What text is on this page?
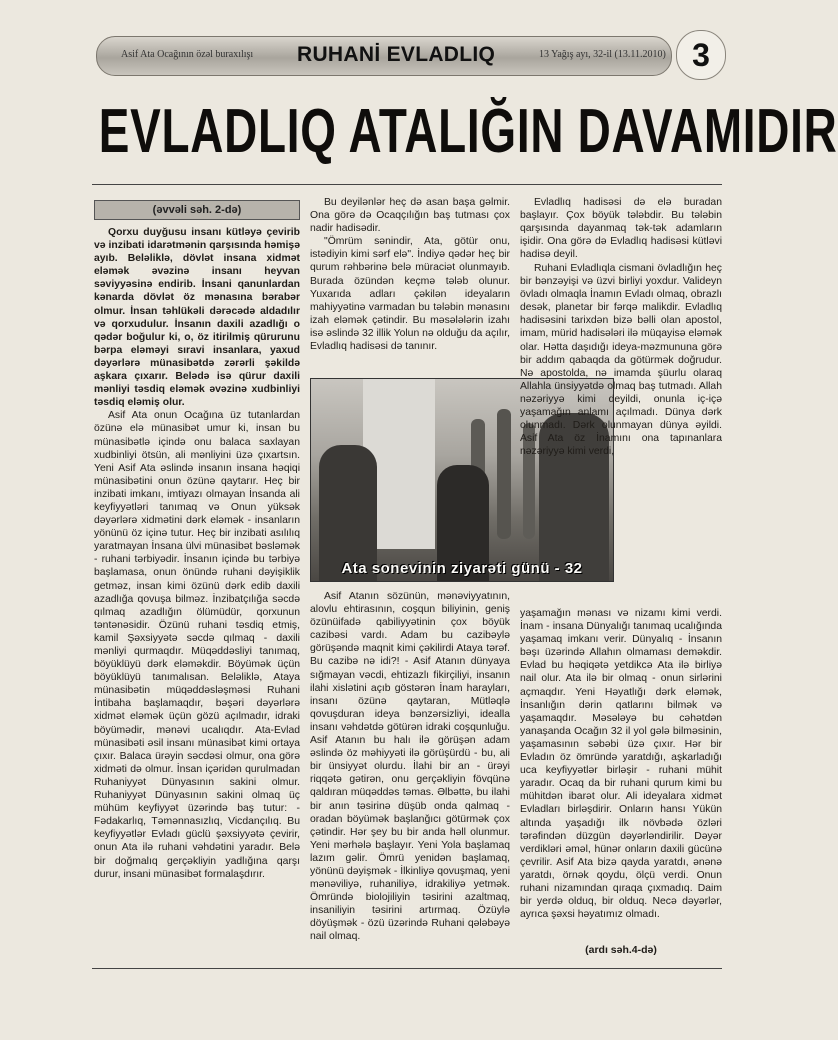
Asif Ata Ocağının özəl buraxılışı RUHANİ EVLADLIQ	13 Yağış ayı, 32-il (13.11.2010) 3
EVLADLIQ ATALIĞIN DAVAMIDIR
(əvvəli səh. 2-də)

Qorxu duyğusu insanı kütləyə çevirib və inzibati idarətmənin qarşısında həmişə ayıb. Beləliklə, dövlət insana xidmət eləmək əvəzinə insanı heyvan səviyyəsinə endirib. İnsani qanunlardan kənarda dövlət öz mənasına bərabər olmur. İnsan təhlükəli dərəcədə aldadılır və qorxudulur. İnsanın daxili azadlığı o qədər boğulur ki, o, öz itirilmiş qürurunu bərpa eləməyi sıravi insanlara, yaxud dəyərlərə münasibətdə zərərli şəkildə aşkara çıxarır. Belədə isə qürur daxili mənliyi təsdiq eləmək əvəzinə xudbinliyi təsdiq eləmiş olur.

Asif Ata onun Ocağına üz tutanlardan özünə elə münasibət umur ki, insan bu münasibətlə içində onu balaca saxlayan xudbinliyi ötsün, ali mənliyini üzə çıxartsın. Yeni Asif Ata əslində insanın insana həqiqi münasibətini onun özünə qaytarır. Heç bir inzibati imkanı, imtiyazı olmayan İnsanda ali keyfiyyətləri tanımaq və Onun yüksək dəyərlərə xidmətini dərk eləmək - insanların yönünü öz içinə tutur. Heç bir inzibati asılılıq yaratmayan İnsana ülvi münasibət bəsləmək - ruhani tərbiyədir. İnsanın içində bu tərbiyə başlamasa, onun önündə ruhani dəyişiklik getməz, insan kimi özünü dərk edib daxili azadlığa qovuşa bilməz. İnzibatçılığa səcdə qılmaq azadlığın ölümüdür, qorxunun təntənəsidir. Özünü ruhani təsdiq etmiş, kamil Şəxsiyyətə səcdə qılmaq - daxili mənliyi qurmaqdır. Müqəddəsliyi tanımaq, böyüklüyü dərk eləməkdir. Böyümək üçün böyüklüyü tanımalısan. Beləliklə, Ataya münasibətin müqəddəsləşməsi Ruhani İntibaha başlamaqdır, bəşəri dəyərlərə xidmət eləmək üçün gözü açılmadır, idraki böyümədir, mənəvi ucalıqdır. Ata-Evlad münasibəti əsil insanı münasibət kimi ortaya çıxır. Balaca ürəyin səcdəsi olmur, ona görə xidməti də olmur. İnsan içəridən qurulmadan Ruhaniyyət Dünyasının sakini olmur. Ruhaniyyət Dünyasının sakini olmaq üç mühüm keyfiyyət üzərində baş tutur: - Fədakarlıq, Təmənnasızlıq, Vicdançılıq. Bu keyfiyyətlər Evladı güclü şəxsiyyətə çevirir, onun Ata ilə ruhani vəhdətini yaradır. Belə bir doğmalıq gerçəkliyin yadlığına qarşı durur, insani münasibət formalaşdırır.

Bu deyilənlər heç də asan başa gəlmir. Ona görə də Ocaqçılığın baş tutması çox nadir hadisədir.

"Ömrüm sənindir, Ata, götür onu, istədiyin kimi sərf elə". İndiyə qədər heç bir qurum rəhbərinə belə müraciət olunmayıb. Burada özündən keçmə tələb olunur. Yuxarıda adları çəkilən ideyaların mahiyyətinə varmadan bu tələbin mənasını izah eləmək çətindir. Bu məsələlərin izahı isə əslində 32 illik Yolun nə olduğu da açılır, Evladlıq hadisəsi də tanınır.

Ata sonevinin ziyarəti günü - 32

Asif Atanın sözünün, mənəviyyatının, alovlu ehtirasının, coşqun biliyinin, geniş özünüifadə qabiliyyətinin çox böyük cazibəsi vardı. Adam bu cazibəylə görüşəndə maqnit kimi çəkilirdi Ataya tərəf. Bu cazibə nə idi?! - Asif Atanın dünyaya sığmayan vəcdi, ehtizazlı fikirçiliyi, insanın ilahi xislətini açıb göstərən İnam harayları, insanı özünə qaytaran, Mütləqlə qovuşduran ideya bənzərsizliyi, ideallа insanı vəhdətdə götürən idraki coşqunluğu. Asif Atanın bu halı ilə görüşən adam əslində öz məhiyyəti ilə görüşürdü - bu, ali bir ünsiyyət olurdu. İlahi bir an - ürəyi riqqətə gətirən, onu gerçəkliyin fövqünə qaldıran müqəddəs təmas. Əlbəttə, bu ilahi bir anın təsirinə düşüb onda qalmaq - oradan böyümək başlanğıcı götürmək çox çətindir. Hər şey bu bir anda həll olunmur. Yeni mərhələ başlayır. Yeni Yola başlamaq lazım gəlir. Ömrü yenidən başlamaq, yönünü dəyişmək - İlkinliyə qovuşmaq, yeni mənəviliyə, ruhaniliyə, idrakiliyə yetmək. Ömründə biolojiliyin təsirini azaltmaq, insaniliyin təsirini artırmaq. Özüylə döyüşmək - özü üzərində Ruhani qələbəyə nail olmaq.

Evladlıq hadisəsi də elə buradan başlayır. Çox böyük tələbdir. Bu tələbin qarşısında dayanmaq tək-tək adamların işidir. Ona görə də Evladlıq hadisəsi kütləvi hadisə deyil.

Ruhani Evladlıqla cismani övladlığın heç bir bənzəyişi və üzvi birliyi yoxdur. Valideyn övladı olmaqla İnamın Evladı olmaq, obrazlı desək, planetar bir fərqə malikdir. Evladlıq hadisəsini tarixdən bizə bəlli olan apostol, imam, mürid hadisələri ilə müqayisə eləmək olar. Hətta daşıdığı ideya-məzmununa görə bir addım qabaqda da götürmək doğrudur. Nə apostolda, nə imamda şüurlu olaraq Allahla ünsiyyətdə olmaq baş tutmadı. Allah nəzəriyyə kimi deyildi, onunla iç-içə yaşamağın anlamı açılmadı. Dünya dərk olunmadı. Dərk olunmayan dünya əyildi. Asif Ata öz İnamını ona tapınanlara nəzəriyyə kimi verdi,

yaşamağın mənası və nizamı kimi verdi. İnam - insana Dünyalığı tanımaq ucalığında yaşamaq imkanı verir. Dünyalıq - İnsanın bəşı üzərində Allahın olmaması deməkdir. Evlad bu həqiqətə yetdikcə Ata ilə birliyə nail olur. Ata ilə bir olmaq - onun sirlərini açmaqdır. Yeni Həyatlığı dərk eləmək, İnsanlığın dərin qatlarını bilmək və yaşamaqdır. Məsələyə bu cəhətdən yanaşanda Ocağın 32 il yol gələ bilməsinin, yaşamasının səbəbi üzə çıxır. Hər bir Evladın öz ömründə yaratdığı, aşkarladığı uca keyfiyyətlər birləşir - ruhani mühit yaradır. Ocaq da bir ruhani qurum kimi bu mühitdən ibarət olur. Ali ideyalara xidmət Evladları birləşdirir. Onların hansı Yükün altında yaşadığı ilk növbədə özləri tərəfindən düzgün dəyərləndirilir. Dəyər verdikləri əməl, hünər onların daxili gücünə çevrilir. Asif Ata bizə qayda yaratdı, ənənə yaratdı, örnək qoydu, ölçü verdi. Onun ruhani nizamından qıraqa çıxmadıq. Daim bir yerdə olduq, bir olduq. Necə dəyərlər, ayrıca şəxsi həyatımız olmadı.

(ardı səh.4-də)
